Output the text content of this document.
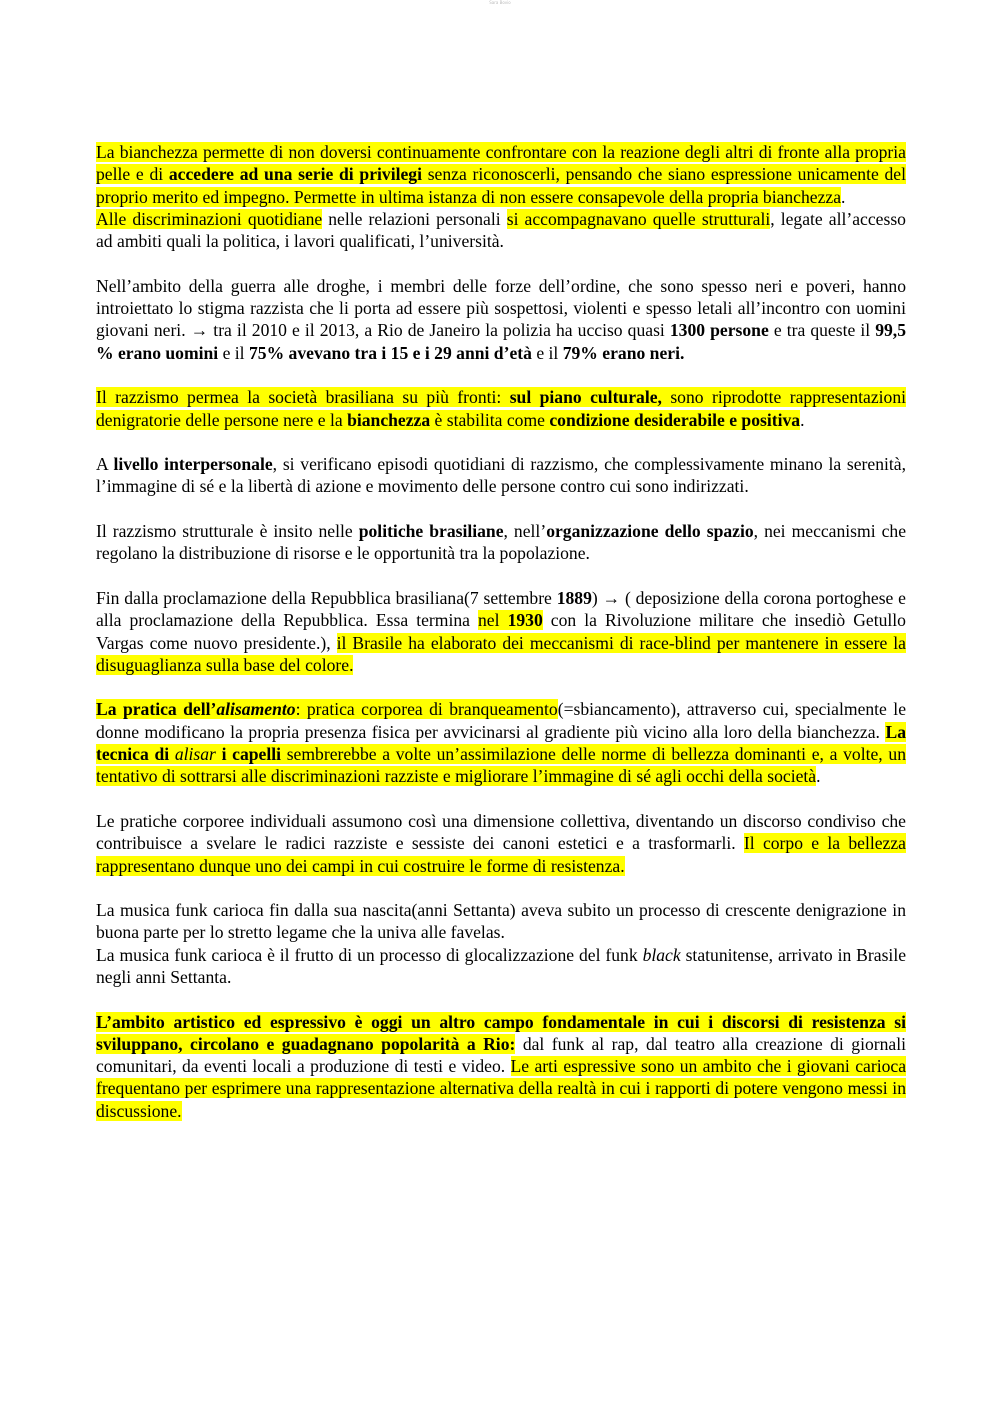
Sara Bovio

La bianchezza permette di non doversi continuamente confrontare con la reazione degli altri di fronte alla propria pelle e di accedere ad una serie di privilegi senza riconoscerli, pensando che siano espressione unicamente del proprio merito ed impegno. Permette in ultima istanza di non essere consapevole della propria bianchezza.

Alle discriminazioni quotidiane nelle relazioni personali si accompagnavano quelle strutturali, legate all’accesso ad ambiti quali la politica, i lavori qualificati, l’università.

Nell’ambito della guerra alle droghe, i membri delle forze dell’ordine, che sono spesso neri e poveri, hanno introiettato lo stigma razzista che li porta ad essere più sospettosi, violenti e spesso letali all’incontro con uomini giovani neri. → tra il 2010 e il 2013, a Rio de Janeiro la polizia ha ucciso quasi 1300 persone e tra queste il 99,5 % erano uomini e il 75% avevano tra i 15 e i 29 anni d’età e il 79% erano neri.

Il razzismo permea la società brasiliana su più fronti: sul piano culturale, sono riprodotte rappresentazioni denigratorie delle persone nere e la bianchezza è stabilita come condizione desiderabile e positiva.

A livello interpersonale, si verificano episodi quotidiani di razzismo, che complessivamente minano la serenità, l’immagine di sé e la libertà di azione e movimento delle persone contro cui sono indirizzati.

Il razzismo strutturale è insito nelle politiche brasiliane, nell’organizzazione dello spazio, nei meccanismi che regolano la distribuzione di risorse e le opportunità tra la popolazione.

Fin dalla proclamazione della Repubblica brasiliana(7 settembre 1889) → ( deposizione della corona portoghese e alla proclamazione della Repubblica. Essa termina nel 1930 con la Rivoluzione militare che insediò Getullo Vargas come nuovo presidente.), il Brasile ha elaborato dei meccanismi di race-blind per mantenere in essere la disuguaglianza sulla base del colore.

La pratica dell’alisamento: pratica corporea di branqueamento(=sbiancamento), attraverso cui, specialmente le donne modificano la propria presenza fisica per avvicinarsi al gradiente più vicino alla loro della bianchezza. La tecnica di alisar i capelli sembrerebbe a volte un’assimilazione delle norme di bellezza dominanti e, a volte, un tentativo di sottrarsi alle discriminazioni razziste e migliorare l’immagine di sé agli occhi della società.

Le pratiche corporee individuali assumono così una dimensione collettiva, diventando un discorso condiviso che contribuisce a svelare le radici razziste e sessiste dei canoni estetici e a trasformarli. Il corpo e la bellezza rappresentano dunque uno dei campi in cui costruire le forme di resistenza.

La musica funk carioca fin dalla sua nascita(anni Settanta) aveva subito un processo di crescente denigrazione in buona parte per lo stretto legame che la univa alle favelas.

La musica funk carioca è il frutto di un processo di glocalizzazione del funk black statunitense, arrivato in Brasile negli anni Settanta.

L’ambito artistico ed espressivo è oggi un altro campo fondamentale in cui i discorsi di resistenza si sviluppano, circolano e guadagnano popolarità a Rio: dal funk al rap, dal teatro alla creazione di giornali comunitari, da eventi locali a produzione di testi e video. Le arti espressive sono un ambito che i giovani carioca frequentano per esprimere una rappresentazione alternativa della realtà in cui i rapporti di potere vengono messi in discussione.
